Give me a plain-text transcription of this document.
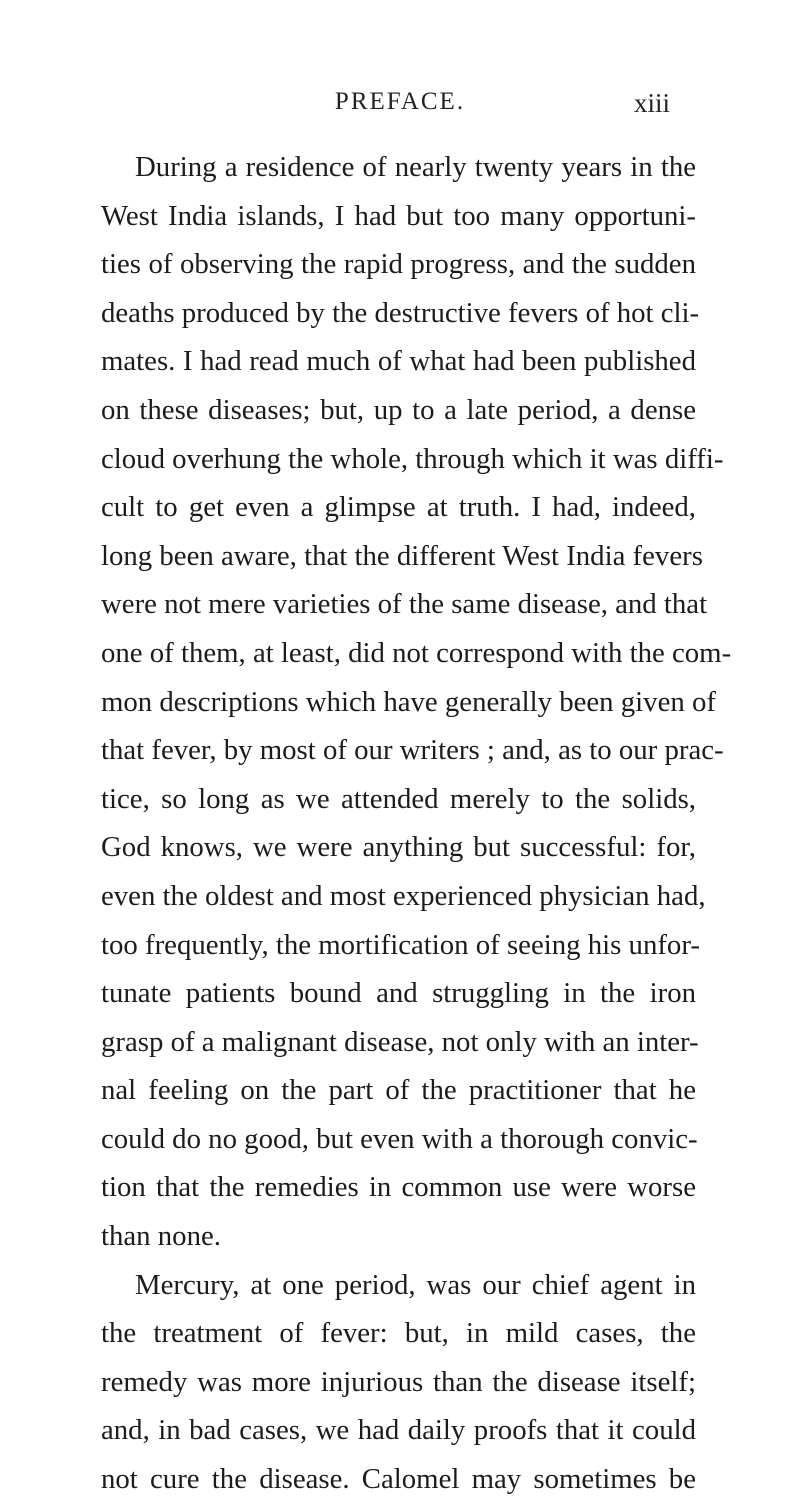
PREFACE.	xiii
During a residence of nearly twenty years in the
West India islands, I had but too many opportuni-
ties of observing the rapid progress, and the sudden
deaths produced by the destructive fevers of hot cli-
mates. I had read much of what had been published
on these diseases; but, up to a late period, a dense
cloud overhung the whole, through which it was diffi-
cult to get even a glimpse at truth. I had, indeed,
long been aware, that the different West India fevers
were not mere varieties of the same disease, and that
one of them, at least, did not correspond with the com-
mon descriptions which have generally been given of
that fever, by most of our writers ; and, as to our prac-
tice, so long as we attended merely to the solids,
God knows, we were anything but successful: for,
even the oldest and most experienced physician had,
too frequently, the mortification of seeing his unfor-
tunate patients bound and struggling in the iron
grasp of a malignant disease, not only with an inter-
nal feeling on the part of the practitioner that he
could do no good, but even with a thorough convic-
tion that the remedies in common use were worse
than none.
Mercury, at one period, was our chief agent in
the treatment of fever: but, in mild cases, the
remedy was more injurious than the disease itself;
and, in bad cases, we had daily proofs that it could
not cure the disease. Calomel may sometimes be
